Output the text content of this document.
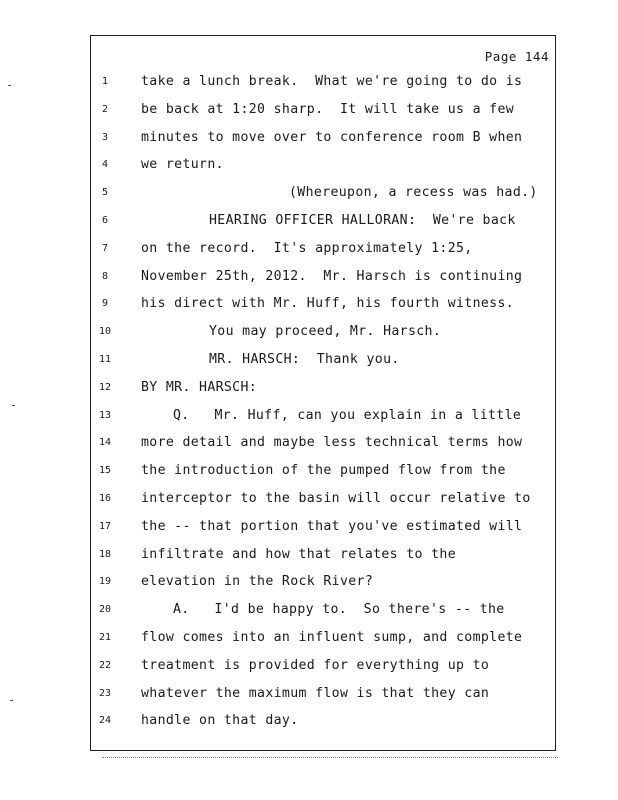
Page 144
1	take a lunch break.  What we're going to do is
2	be back at 1:20 sharp.  It will take us a few
3	minutes to move over to conference room B when
4	we return.
5	(Whereupon, a recess was had.)
6	HEARING OFFICER HALLORAN:  We're back
7	on the record.  It's approximately 1:25,
8	November 25th, 2012.  Mr. Harsch is continuing
9	his direct with Mr. Huff, his fourth witness.
10	You may proceed, Mr. Harsch.
11	MR. HARSCH:  Thank you.
12	BY MR. HARSCH:
13	Q.   Mr. Huff, can you explain in a little
14	more detail and maybe less technical terms how
15	the introduction of the pumped flow from the
16	interceptor to the basin will occur relative to
17	the -- that portion that you've estimated will
18	infiltrate and how that relates to the
19	elevation in the Rock River?
20	A.   I'd be happy to.  So there's -- the
21	flow comes into an influent sump, and complete
22	treatment is provided for everything up to
23	whatever the maximum flow is that they can
24	handle on that day.
